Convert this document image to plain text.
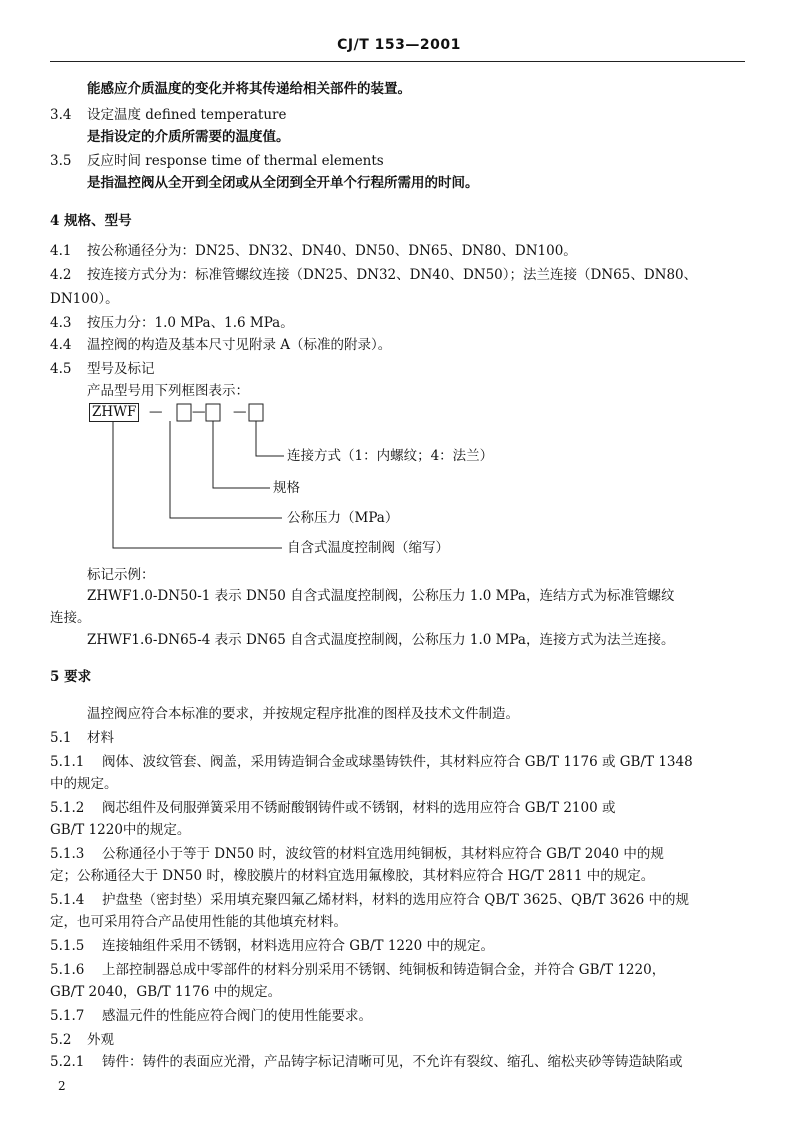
CJ/T 153—2001
能感应介质温度的变化并将其传递给相关部件的装置。
3.4 设定温度 defined temperature
是指设定的介质所需要的温度值。
3.5 反应时间 response time of thermal elements
是指温控阀从全开到全闭或从全闭到全开单个行程所需用的时间。
4 规格、型号
4.1 按公称通径分为：DN25、DN32、DN40、DN50、DN65、DN80、DN100。
4.2 按连接方式分为：标准管螺纹连接（DN25、DN32、DN40、DN50）；法兰连接（DN65、DN80、
DN100）。
4.3 按压力分：1.0 MPa、1.6 MPa。
4.4 温控阀的构造及基本尺寸见附录 A（标准的附录）。
4.5 型号及标记
产品型号用下列框图表示：
ZHWF — — —
连接方式（1：内螺纹；4：法兰）
规格
公称压力（MPa）
自含式温度控制阀（缩写）
标记示例：
ZHWF1.0-DN50-1 表示 DN50 自含式温度控制阀，公称压力 1.0 MPa，连结方式为标准管螺纹
连接。
ZHWF1.6-DN65-4 表示 DN65 自含式温度控制阀，公称压力 1.0 MPa，连接方式为法兰连接。
5 要求
温控阀应符合本标准的要求，并按规定程序批准的图样及技术文件制造。
5.1 材料
5.1.1 阀体、波纹管套、阀盖，采用铸造铜合金或球墨铸铁件，其材料应符合 GB/T 1176 或 GB/T 1348
中的规定。
5.1.2 阀芯组件及伺服弹簧采用不锈耐酸钢铸件或不锈钢，材料的选用应符合 GB/T 2100 或
GB/T 1220中的规定。
5.1.3 公称通径小于等于 DN50 时，波纹管的材料宜选用纯铜板，其材料应符合 GB/T 2040 中的规
定；公称通径大于 DN50 时，橡胶膜片的材料宜选用氟橡胶，其材料应符合 HG/T 2811 中的规定。
5.1.4 护盘垫（密封垫）采用填充聚四氟乙烯材料，材料的选用应符合 QB/T 3625、QB/T 3626 中的规
定，也可采用符合产品使用性能的其他填充材料。
5.1.5 连接轴组件采用不锈钢，材料选用应符合 GB/T 1220 中的规定。
5.1.6 上部控制器总成中零部件的材料分别采用不锈钢、纯铜板和铸造铜合金，并符合 GB/T 1220，
GB/T 2040，GB/T 1176 中的规定。
5.1.7 感温元件的性能应符合阀门的使用性能要求。
5.2 外观
5.2.1 铸件：铸件的表面应光滑，产品铸字标记清晰可见，不允许有裂纹、缩孔、缩松夹砂等铸造缺陷或
2
